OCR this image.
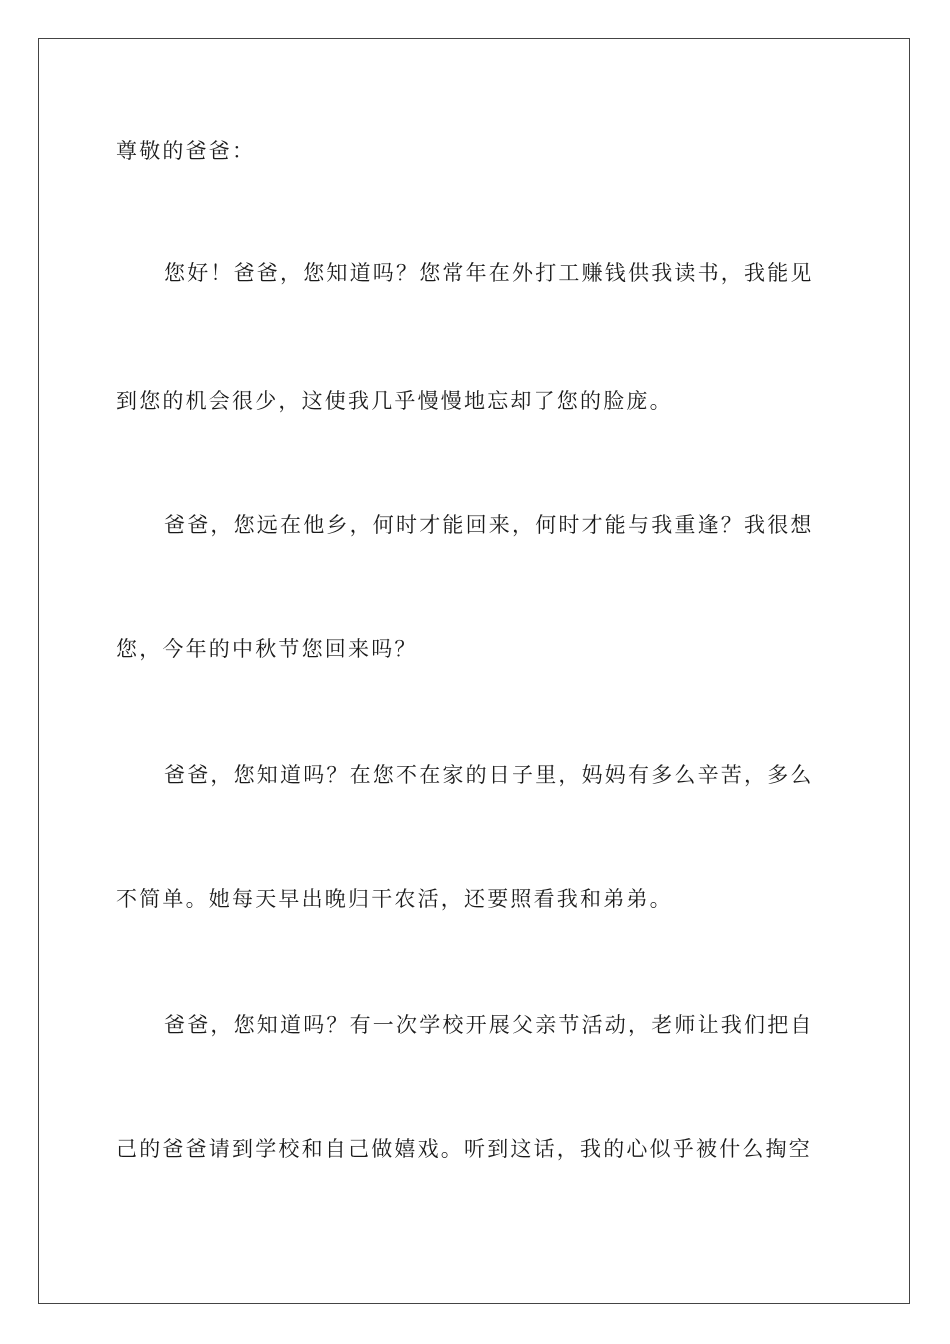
尊敬的爸爸：

您好！爸爸，您知道吗？您常年在外打工赚钱供我读书，我能见

到您的机会很少，这使我几乎慢慢地忘却了您的脸庞。

爸爸，您远在他乡，何时才能回来，何时才能与我重逢？我很想

您，今年的中秋节您回来吗？

爸爸，您知道吗？在您不在家的日子里，妈妈有多么辛苦，多么

不简单。她每天早出晚归干农活，还要照看我和弟弟。

爸爸，您知道吗？有一次学校开展父亲节活动，老师让我们把自

己的爸爸请到学校和自己做嬉戏。听到这话，我的心似乎被什么掏空
